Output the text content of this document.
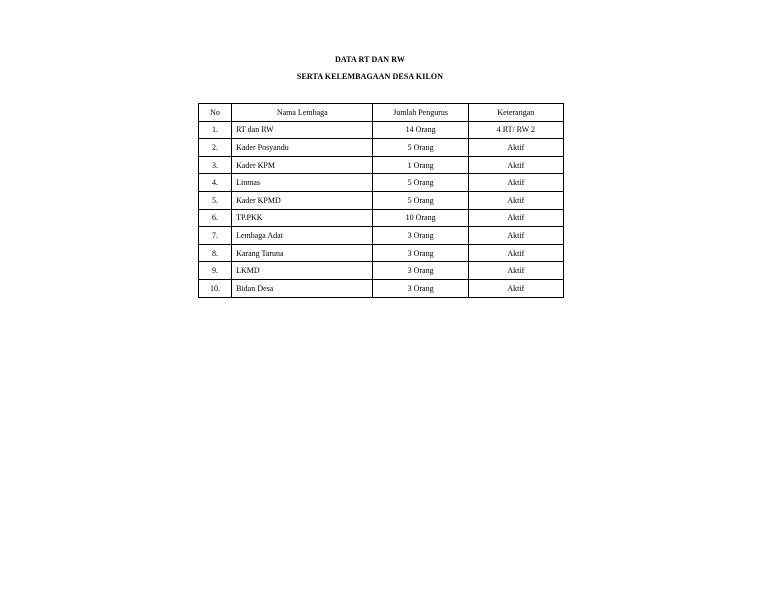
DATA RT DAN RW
SERTA KELEMBAGAAN DESA KILON
No	Nama Lembaga	Jumlah Pengurus	Keterangan
1.	RT dan RW	14 Orang	4 RT/ RW 2
2.	Kader Posyandu	5 Orang	Aktif
3.	Kader KPM	1 Orang	Aktif
4.	Linmas	5 Orang	Aktif
5.	Kader KPMD	5 Orang	Aktif
6.	TP.PKK	10 Orang	Aktif
7.	Lembaga Adat	3 Orang	Aktif
8.	Karang Taruna	3 Orang	Aktif
9.	LKMD	3 Orang	Aktif
10.	Bidan Desa	3 Orang	Aktif
